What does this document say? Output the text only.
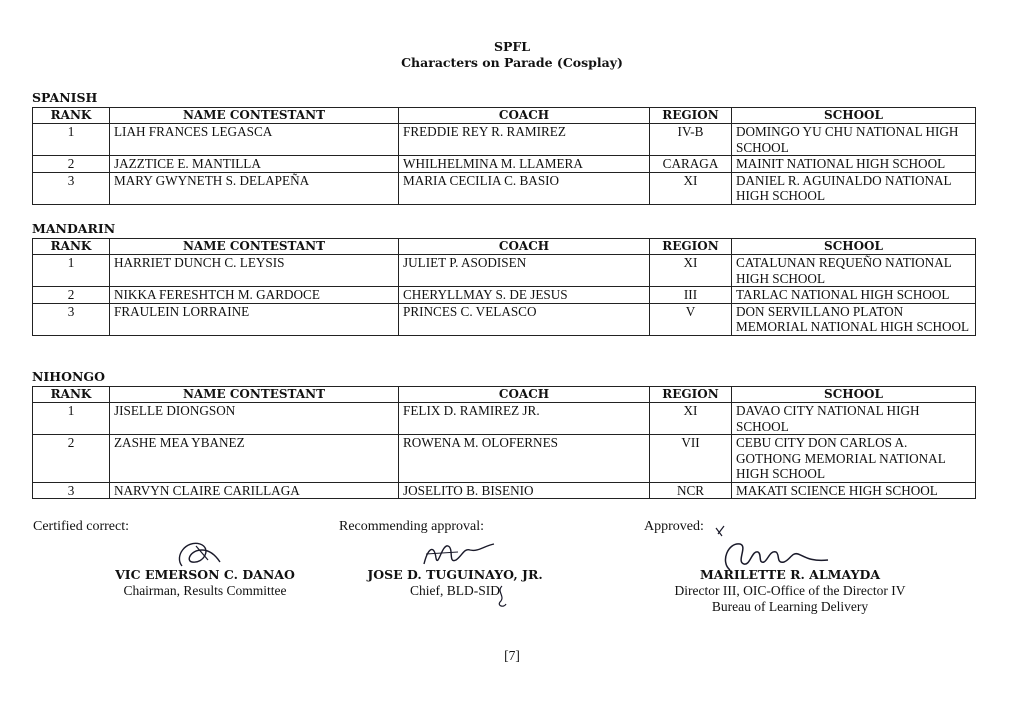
SPFL
Characters on Parade (Cosplay)
SPANISH
RANK	NAME CONTESTANT	COACH	REGION	SCHOOL
1	LIAH FRANCES LEGASCA	FREDDIE REY R. RAMIREZ	IV-B	DOMINGO YU CHU NATIONAL HIGH SCHOOL
2	JAZZTICE E. MANTILLA	WHILHELMINA M. LLAMERA	CARAGA	MAINIT NATIONAL HIGH SCHOOL
3	MARY GWYNETH S. DELAPEÑA	MARIA CECILIA C. BASIO	XI	DANIEL R. AGUINALDO NATIONAL HIGH SCHOOL
MANDARIN
RANK	NAME CONTESTANT	COACH	REGION	SCHOOL
1	HARRIET DUNCH C. LEYSIS	JULIET P. ASODISEN	XI	CATALUNAN REQUEÑO NATIONAL HIGH SCHOOL
2	NIKKA FERESHTCH M. GARDOCE	CHERYLLMAY S. DE JESUS	III	TARLAC NATIONAL HIGH SCHOOL
3	FRAULEIN LORRAINE	PRINCES C. VELASCO	V	DON SERVILLANO PLATON MEMORIAL NATIONAL HIGH SCHOOL
NIHONGO
RANK	NAME CONTESTANT	COACH	REGION	SCHOOL
1	JISELLE DIONGSON	FELIX D. RAMIREZ JR.	XI	DAVAO CITY NATIONAL HIGH SCHOOL
2	ZASHE MEA YBANEZ	ROWENA M. OLOFERNES	VII	CEBU CITY DON CARLOS A. GOTHONG MEMORIAL NATIONAL HIGH SCHOOL
3	NARVYN CLAIRE CARILLAGA	JOSELITO B. BISENIO	NCR	MAKATI SCIENCE HIGH SCHOOL
Certified correct:	Recommending approval:	Approved:
VIC EMERSON C. DANAO
Chairman, Results Committee
JOSE D. TUGUINAYO, JR.
Chief, BLD-SID
MARILETTE R. ALMAYDA
Director III, OIC-Office of the Director IV
Bureau of Learning Delivery
[7]
